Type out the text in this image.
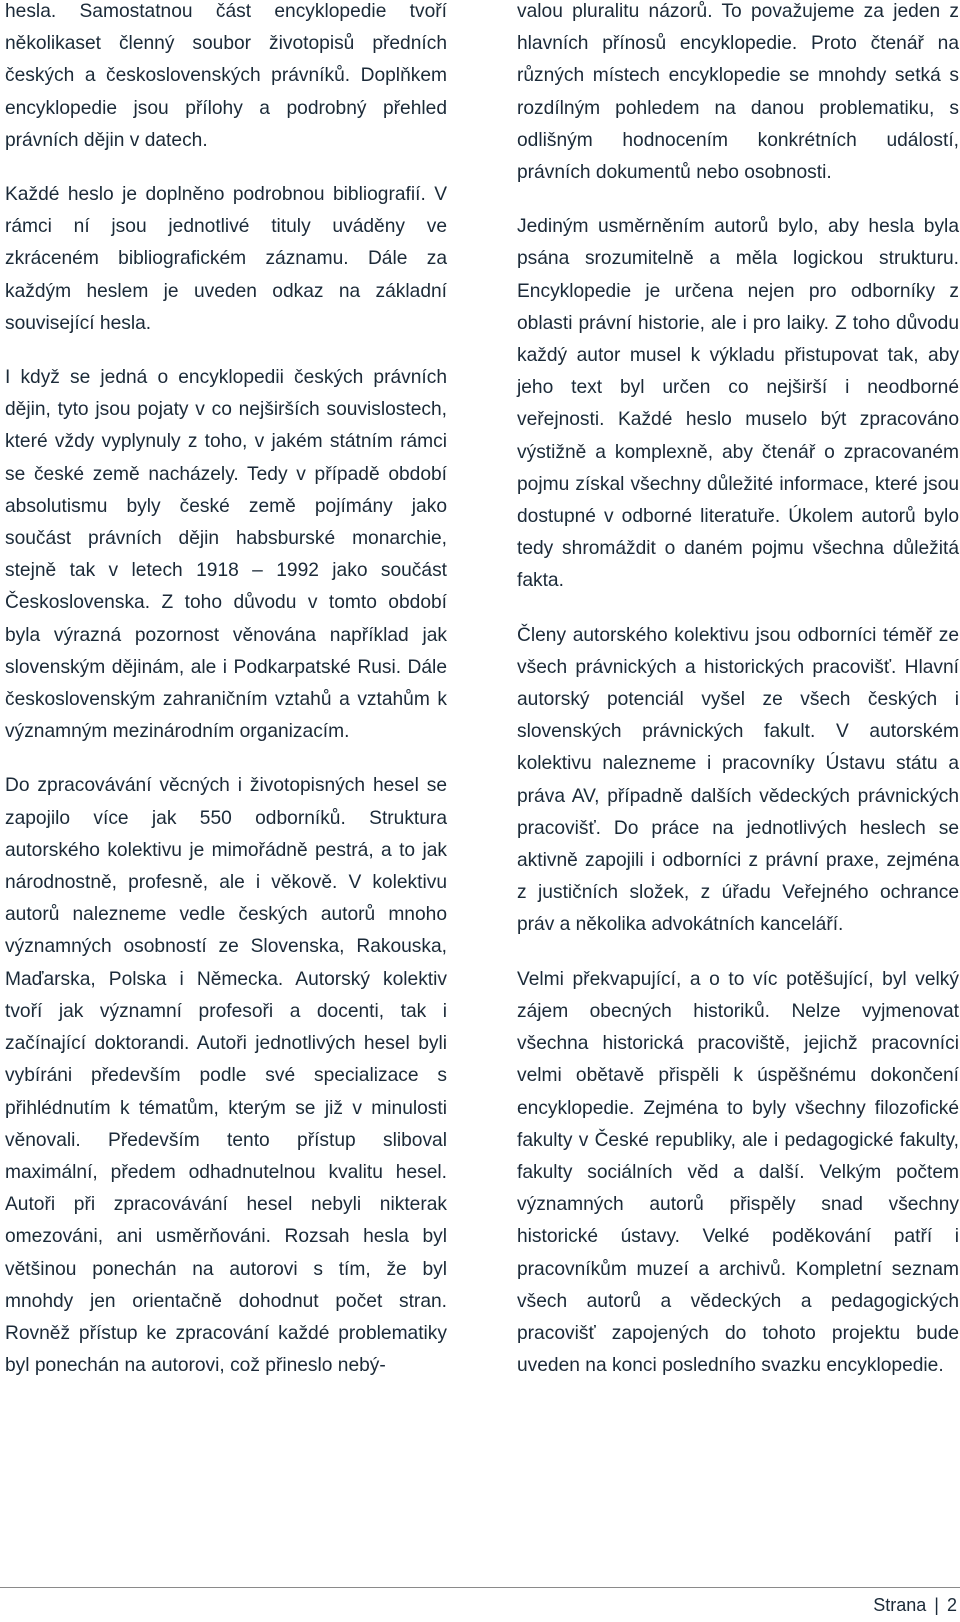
hesla. Samostatnou část encyklopedie tvoří několikaset členný soubor životopisů předních českých a československých právníků. Doplňkem encyklopedie jsou přílohy a podrobný přehled právních dějin v datech.

Každé heslo je doplněno podrobnou bibliografií. V rámci ní jsou jednotlivé tituly uváděny ve zkráceném bibliografickém záznamu. Dále za každým heslem je uveden odkaz na základní související hesla.

I když se jedná o encyklopedii českých právních dějin, tyto jsou pojaty v co nejširších souvislostech, které vždy vyplynuly z toho, v jakém státním rámci se české země nacházely. Tedy v případě období absolutismu byly české země pojímány jako součást právních dějin habsburské monarchie, stejně tak v letech 1918 – 1992 jako součást Československa. Z toho důvodu v tomto období byla výrazná pozornost věnována například jak slovenským dějinám, ale i Podkarpatské Rusi. Dále československým zahraničním vztahů a vztahům k významným mezinárodním organizacím.

Do zpracovávání věcných i životopisných hesel se zapojilo více jak 550 odborníků. Struktura autorského kolektivu je mimořádně pestrá, a to jak národnostně, profesně, ale i věkově. V kolektivu autorů nalezneme vedle českých autorů mnoho významných osobností ze Slovenska, Rakouska, Maďarska, Polska i Německa. Autorský kolektiv tvoří jak významní profesoři a docenti, tak i začínající doktorandi. Autoři jednotlivých hesel byli vybíráni především podle své specializace s přihlédnutím k tématům, kterým se již v minulosti věnovali. Především tento přístup sliboval maximální, předem odhadnutelnou kvalitu hesel. Autoři při zpracovávání hesel nebyli nikterak omezováni, ani usměrňováni. Rozsah hesla byl většinou ponechán na autorovi s tím, že byl mnohdy jen orientačně dohodnut počet stran. Rovněž přístup ke zpracování každé problematiky byl ponechán na autorovi, což přineslo nebý-

valou pluralitu názorů. To považujeme za jeden z hlavních přínosů encyklopedie. Proto čtenář na různých místech encyklopedie se mnohdy setká s rozdílným pohledem na danou problematiku, s odlišným hodnocením konkrétních událostí, právních dokumentů nebo osobnosti.

Jediným usměrněním autorů bylo, aby hesla byla psána srozumitelně a měla logickou strukturu. Encyklopedie je určena nejen pro odborníky z oblasti právní historie, ale i pro laiky. Z toho důvodu každý autor musel k výkladu přistupovat tak, aby jeho text byl určen co nejširší i neodborné veřejnosti. Každé heslo muselo být zpracováno výstižně a komplexně, aby čtenář o zpracovaném pojmu získal všechny důležité informace, které jsou dostupné v odborné literatuře. Úkolem autorů bylo tedy shromáždit o daném pojmu všechna důležitá fakta.

Členy autorského kolektivu jsou odborníci téměř ze všech právnických a historických pracovišť. Hlavní autorský potenciál vyšel ze všech českých i slovenských právnických fakult. V autorském kolektivu nalezneme i pracovníky Ústavu státu a práva AV, případně dalších vědeckých právnických pracovišť. Do práce na jednotlivých heslech se aktivně zapojili i odborníci z právní praxe, zejména z justičních složek, z úřadu Veřejného ochrance práv a několika advokátních kanceláří.

Velmi překvapující, a o to víc potěšující, byl velký zájem obecných historiků. Nelze vyjmenovat všechna historická pracoviště, jejichž pracovníci velmi obětavě přispěli k úspěšnému dokončení encyklopedie. Zejména to byly všechny filozofické fakulty v České republiky, ale i pedagogické fakulty, fakulty sociálních věd a další. Velkým počtem významných autorů přispěly snad všechny historické ústavy. Velké poděkování patří i pracovníkům muzeí a archivů. Kompletní seznam všech autorů a vědeckých a pedagogických pracovišť zapojených do tohoto projektu bude uveden na konci posledního svazku encyklopedie.

Strana | 2
